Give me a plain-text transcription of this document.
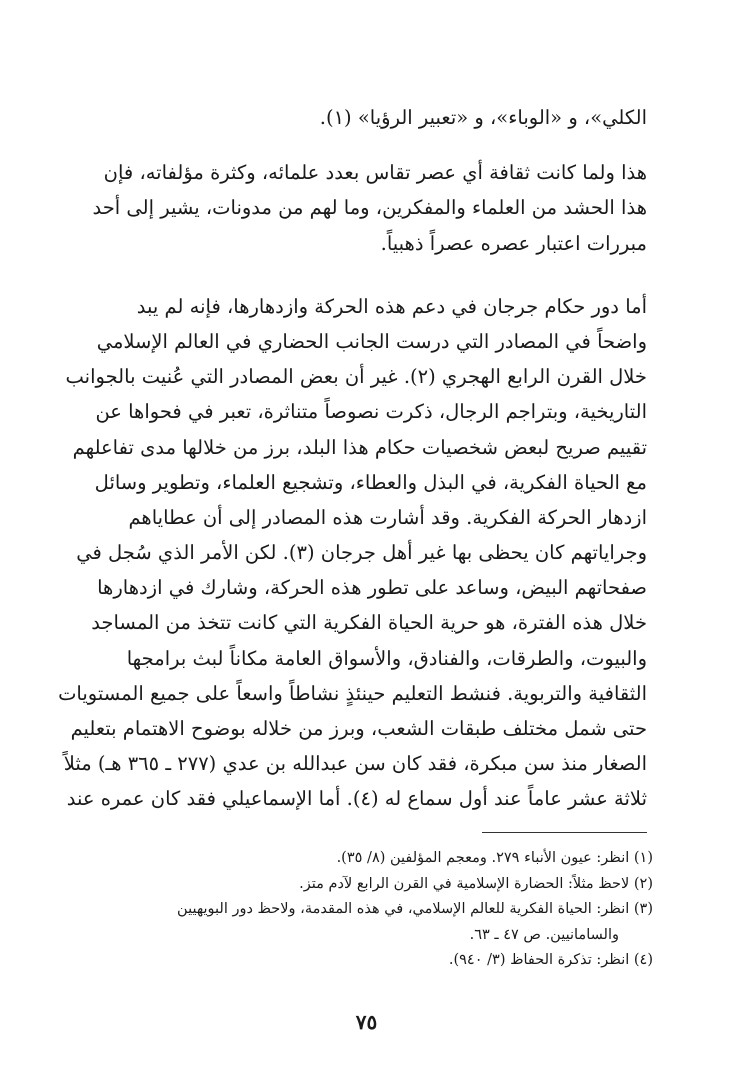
الكلي»، و «الوباء»، و «تعبير الرؤيا» (١).

هذا ولما كانت ثقافة أي عصر تقاس بعدد علمائه، وكثرة مؤلفاته، فإن
هذا الحشد من العلماء والمفكرين، وما لهم من مدونات، يشير إلى أحد
مبررات اعتبار عصره عصراً ذهبياً.

أما دور حكام جرجان في دعم هذه الحركة وازدهارها، فإنه لم يبد
واضحاً في المصادر التي درست الجانب الحضاري في العالم الإسلامي
خلال القرن الرابع الهجري (٢). غير أن بعض المصادر التي عُنيت بالجوانب
التاريخية، وبتراجم الرجال، ذكرت نصوصاً متناثرة، تعبر في فحواها عن
تقييم صريح لبعض شخصيات حكام هذا البلد، برز من خلالها مدى تفاعلهم
مع الحياة الفكرية، في البذل والعطاء، وتشجيع العلماء، وتطوير وسائل
ازدهار الحركة الفكرية. وقد أشارت هذه المصادر إلى أن عطاياهم
وجراياتهم كان يحظى بها غير أهل جرجان (٣). لكن الأمر الذي سُجل في
صفحاتهم البيض، وساعد على تطور هذه الحركة، وشارك في ازدهارها
خلال هذه الفترة، هو حرية الحياة الفكرية التي كانت تتخذ من المساجد
والبيوت، والطرقات، والفنادق، والأسواق العامة مكاناً لبث برامجها
الثقافية والتربوية. فنشط التعليم حينئذٍ نشاطاً واسعاً على جميع المستويات
حتى شمل مختلف طبقات الشعب، وبرز من خلاله بوضوح الاهتمام بتعليم
الصغار منذ سن مبكرة، فقد كان سن عبدالله بن عدي (٢٧٧ ـ ٣٦٥ هـ) مثلاً
ثلاثة عشر عاماً عند أول سماع له (٤). أما الإسماعيلي فقد كان عمره عند

(١) انظر: عيون الأنباء ٢٧٩. ومعجم المؤلفين (٨/ ٣٥).
(٢) لاحظ مثلاً: الحضارة الإسلامية في القرن الرابع لآدم متز.
(٣) انظر: الحياة الفكرية للعالم الإسلامي، في هذه المقدمة، ولاحظ دور البويهيين
والسامانيين. ص ٤٧ ـ ٦٣.
(٤) انظر: تذكرة الحفاظ (٣/ ٩٤٠).
٧٥
